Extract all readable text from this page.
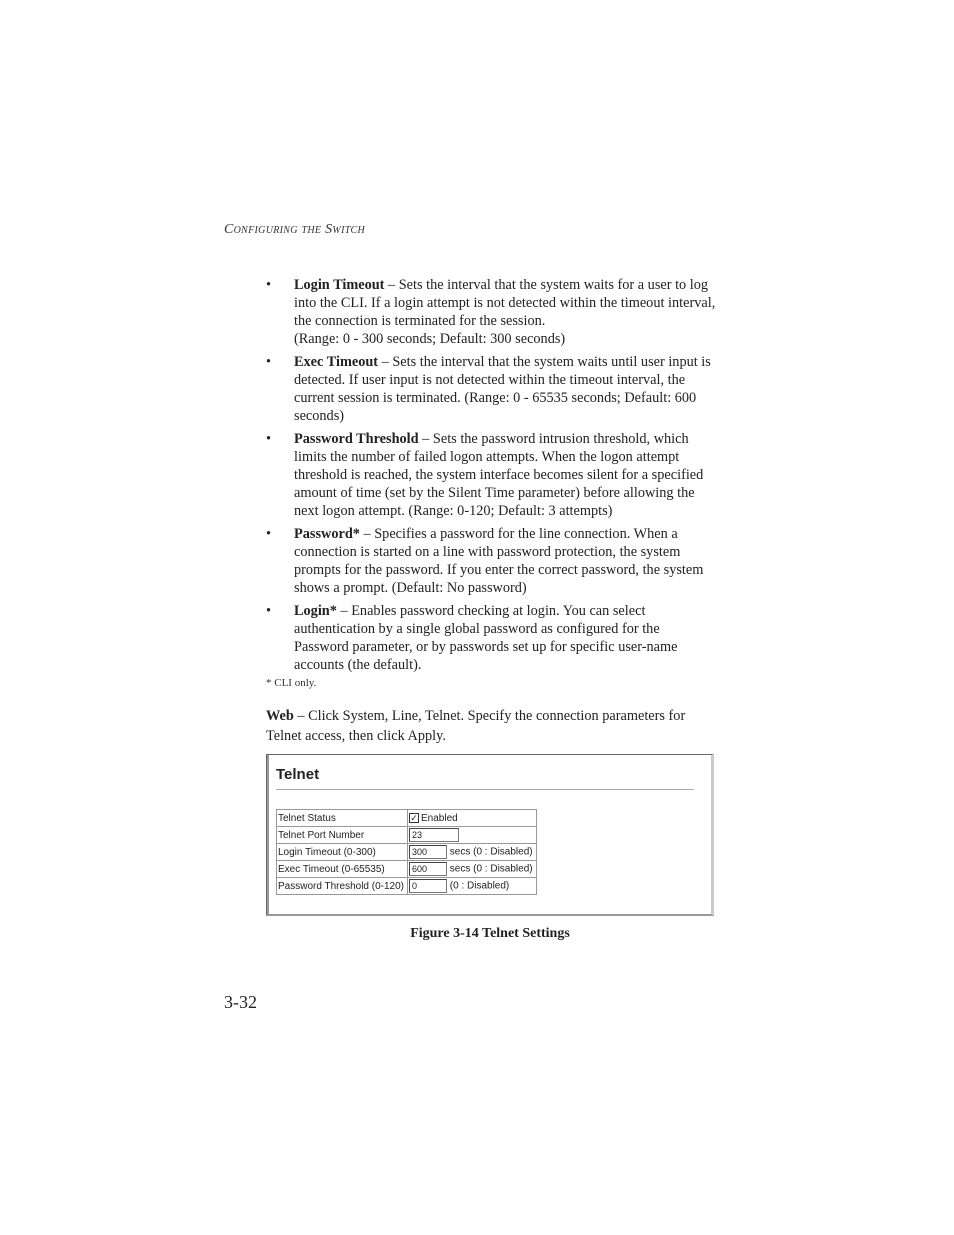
Configuring the Switch
• Login Timeout – Sets the interval that the system waits for a user to log into the CLI. If a login attempt is not detected within the timeout interval, the connection is terminated for the session.
(Range: 0 - 300 seconds; Default: 300 seconds)
• Exec Timeout – Sets the interval that the system waits until user input is detected. If user input is not detected within the timeout interval, the current session is terminated. (Range: 0 - 65535 seconds; Default: 600 seconds)
• Password Threshold – Sets the password intrusion threshold, which limits the number of failed logon attempts. When the logon attempt threshold is reached, the system interface becomes silent for a specified amount of time (set by the Silent Time parameter) before allowing the next logon attempt. (Range: 0-120; Default: 3 attempts)
• Password* – Specifies a password for the line connection. When a connection is started on a line with password protection, the system prompts for the password. If you enter the correct password, the system shows a prompt. (Default: No password)
• Login* – Enables password checking at login. You can select authentication by a single global password as configured for the Password parameter, or by passwords set up for specific user-name accounts (the default).
* CLI only.
Web – Click System, Line, Telnet. Specify the connection parameters for Telnet access, then click Apply.
Telnet
Telnet Status	✓ Enabled
Telnet Port Number	23
Login Timeout (0-300)	300 secs (0 : Disabled)
Exec Timeout (0-65535)	600 secs (0 : Disabled)
Password Threshold (0-120)	0 (0 : Disabled)
Figure 3-14 Telnet Settings
3-32
